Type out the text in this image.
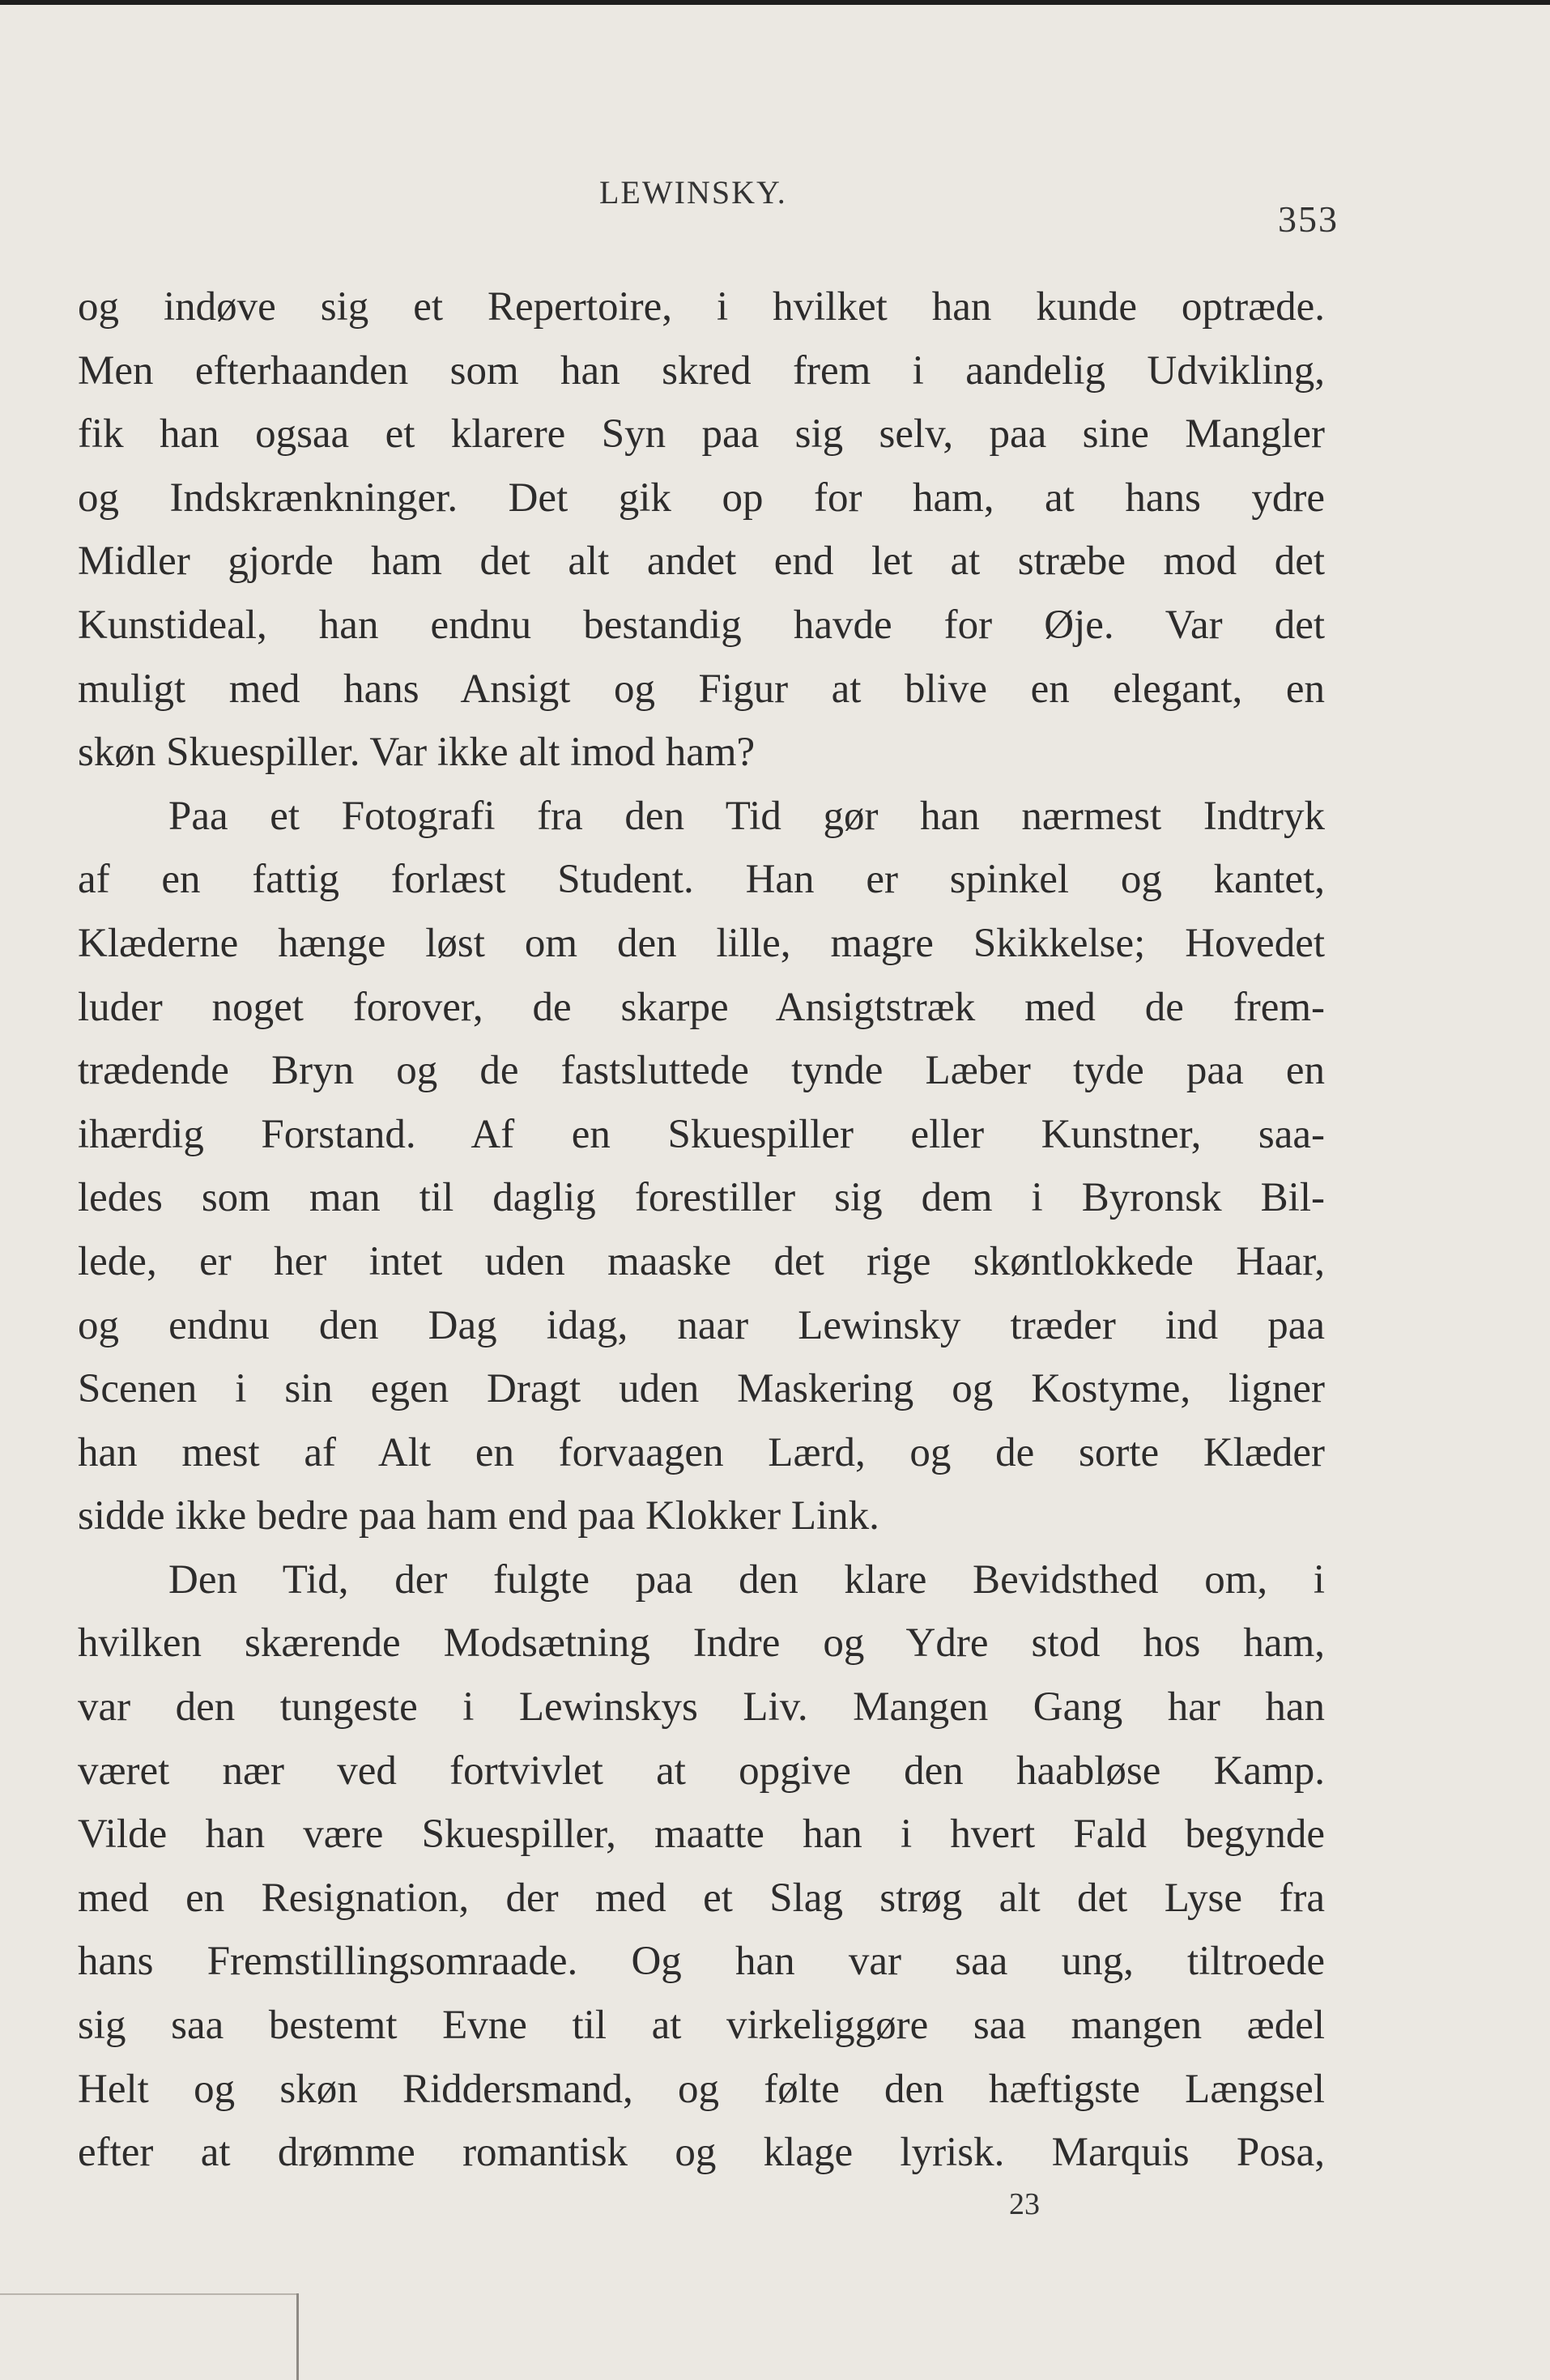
LEWINSKY.
353
og indøve sig et Repertoire, i hvilket han kunde optræde.
Men efterhaanden som han skred frem i aandelig Udvikling,
fik han ogsaa et klarere Syn paa sig selv, paa sine Mangler
og Indskrænkninger. Det gik op for ham, at hans ydre
Midler gjorde ham det alt andet end let at stræbe mod det
Kunstideal, han endnu bestandig havde for Øje. Var det
muligt med hans Ansigt og Figur at blive en elegant, en
skøn Skuespiller. Var ikke alt imod ham?
Paa et Fotografi fra den Tid gør han nærmest Indtryk
af en fattig forlæst Student. Han er spinkel og kantet,
Klæderne hænge løst om den lille, magre Skikkelse; Hovedet
luder noget forover, de skarpe Ansigtstræk med de frem-
trædende Bryn og de fastsluttede tynde Læber tyde paa en
ihærdig Forstand. Af en Skuespiller eller Kunstner, saa-
ledes som man til daglig forestiller sig dem i Byronsk Bil-
lede, er her intet uden maaske det rige skøntlokkede Haar,
og endnu den Dag idag, naar Lewinsky træder ind paa
Scenen i sin egen Dragt uden Maskering og Kostyme, ligner
han mest af Alt en forvaagen Lærd, og de sorte Klæder
sidde ikke bedre paa ham end paa Klokker Link.
Den Tid, der fulgte paa den klare Bevidsthed om, i
hvilken skærende Modsætning Indre og Ydre stod hos ham,
var den tungeste i Lewinskys Liv. Mangen Gang har han
været nær ved fortvivlet at opgive den haabløse Kamp.
Vilde han være Skuespiller, maatte han i hvert Fald begynde
med en Resignation, der med et Slag strøg alt det Lyse fra
hans Fremstillingsomraade. Og han var saa ung, tiltroede
sig saa bestemt Evne til at virkeliggøre saa mangen ædel
Helt og skøn Riddersmand, og følte den hæftigste Længsel
efter at drømme romantisk og klage lyrisk. Marquis Posa,
23
